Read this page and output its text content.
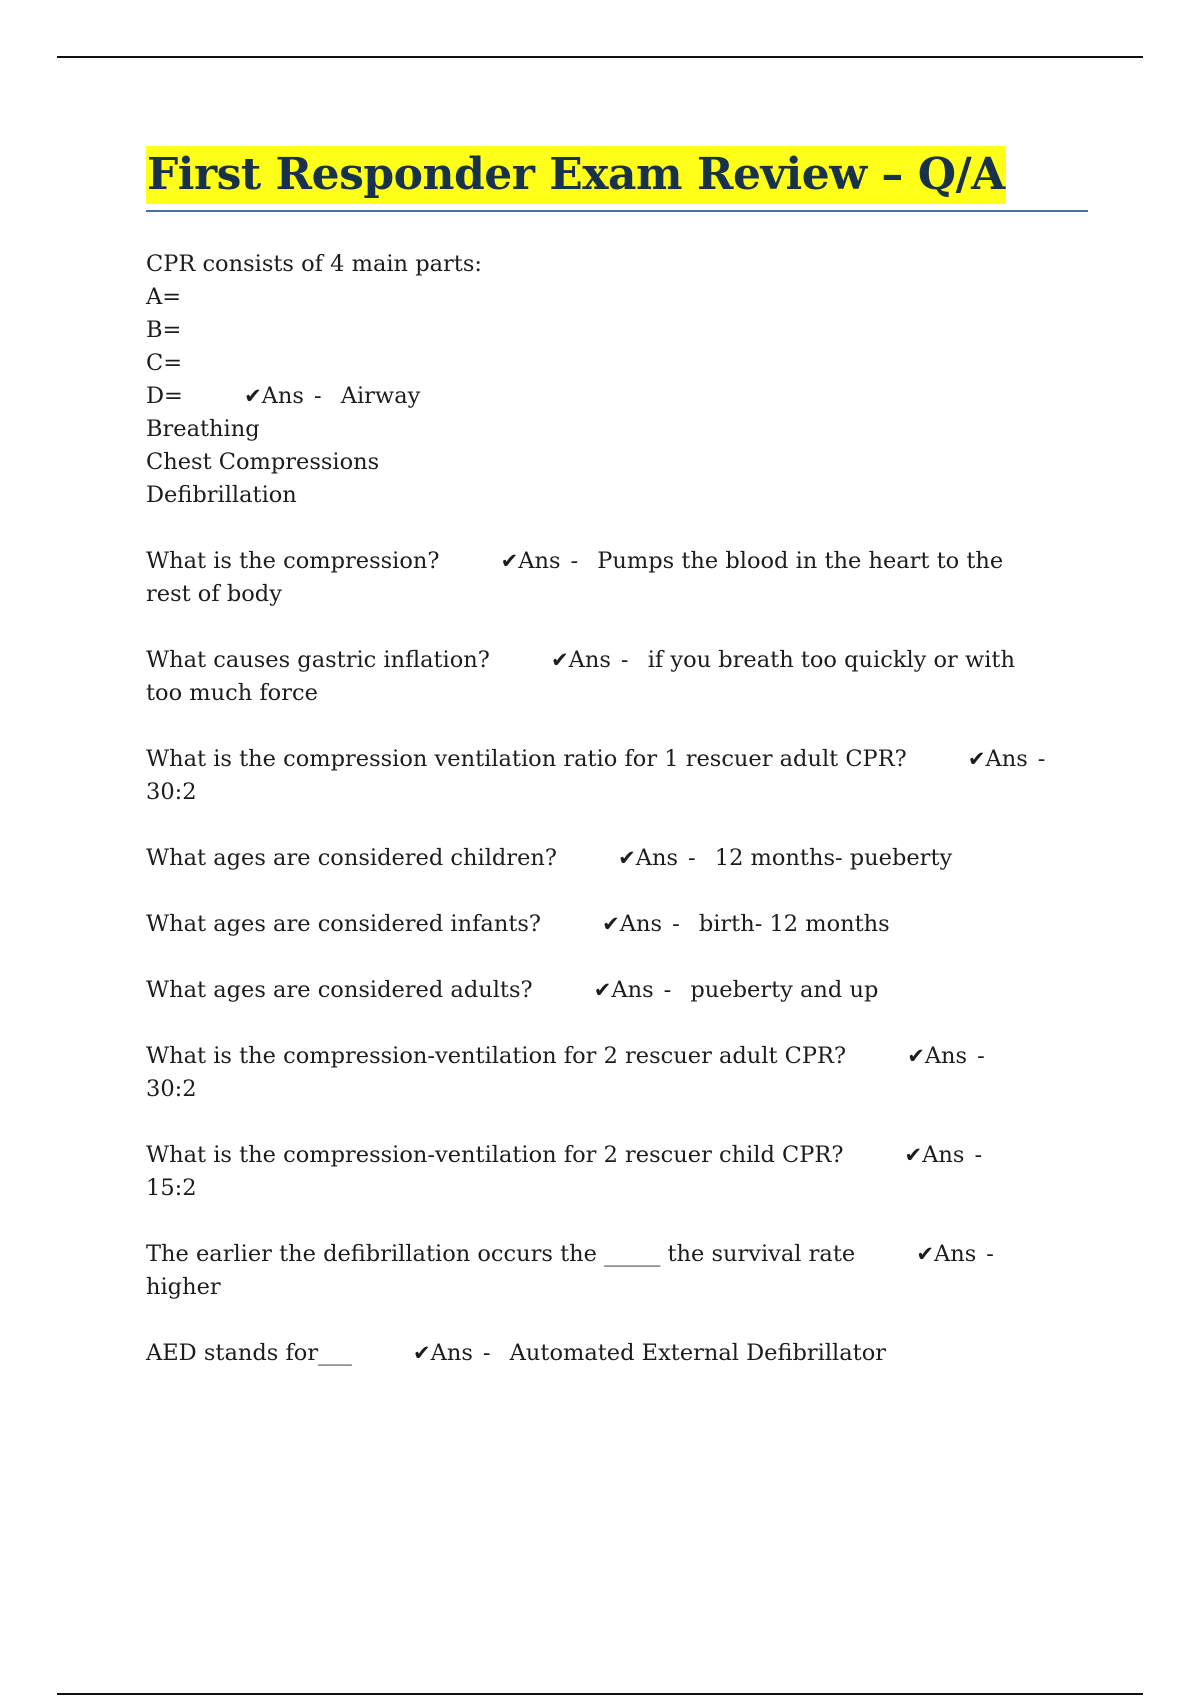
First Responder Exam Review – Q/A
CPR consists of 4 main parts:
A=
B=
C=
D=	✔Ans - Airway
Breathing
Chest Compressions
Defibrillation
What is the compression?	✔Ans - Pumps the blood in the heart to the
rest of body
What causes gastric inflation?	✔Ans - if you breath too quickly or with
too much force
What is the compression ventilation ratio for 1 rescuer adult CPR?	✔Ans -
30:2
What ages are considered children?	✔Ans - 12 months- pueberty
What ages are considered infants?	✔Ans - birth- 12 months
What ages are considered adults?	✔Ans - pueberty and up
What is the compression-ventilation for 2 rescuer adult CPR?	✔Ans -
30:2
What is the compression-ventilation for 2 rescuer child CPR?	✔Ans -
15:2
The earlier the defibrillation occurs the _____ the survival rate	✔Ans -
higher
AED stands for___	✔Ans - Automated External Defibrillator
